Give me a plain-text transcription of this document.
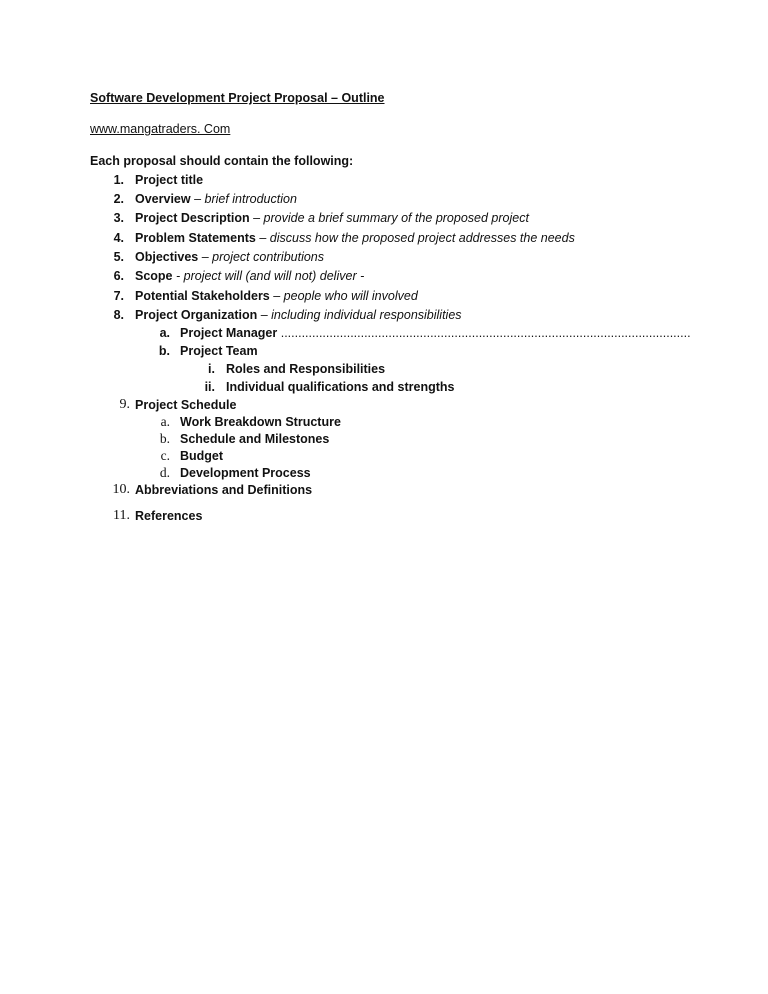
Software Development Project Proposal – Outline
www.mangatraders. Com
Each proposal should contain the following:
1. Project title
2. Overview – brief introduction
3. Project Description – provide a brief summary of the proposed project
4. Problem Statements – discuss how the proposed project addresses the needs
5. Objectives – project contributions
6. Scope - project will (and will not) deliver -
7. Potential Stakeholders – people who will involved
8. Project Organization – including individual responsibilities
a. Project Manager ......................................................................................................................
b. Project Team
i. Roles and Responsibilities
ii. Individual qualifications and strengths
9. Project Schedule
a. Work Breakdown Structure
b. Schedule and Milestones
c. Budget
d. Development Process
10. Abbreviations and Definitions
11. References
